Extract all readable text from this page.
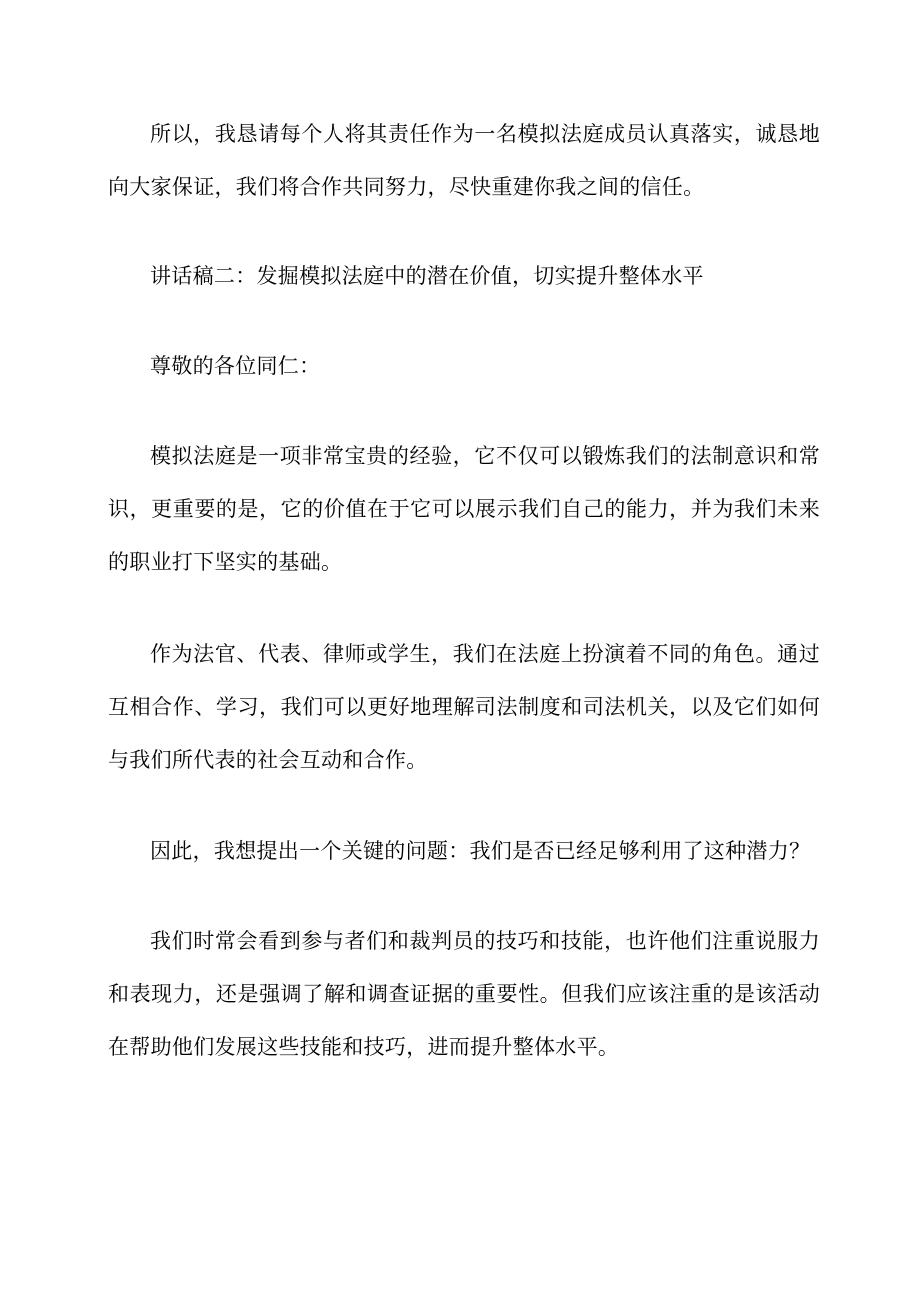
所以，我恳请每个人将其责任作为一名模拟法庭成员认真落实，诚恳地向大家保证，我们将合作共同努力，尽快重建你我之间的信任。

讲话稿二：发掘模拟法庭中的潜在价值，切实提升整体水平

尊敬的各位同仁：

模拟法庭是一项非常宝贵的经验，它不仅可以锻炼我们的法制意识和常识，更重要的是，它的价值在于它可以展示我们自己的能力，并为我们未来的职业打下坚实的基础。

作为法官、代表、律师或学生，我们在法庭上扮演着不同的角色。通过互相合作、学习，我们可以更好地理解司法制度和司法机关，以及它们如何与我们所代表的社会互动和合作。

因此，我想提出一个关键的问题：我们是否已经足够利用了这种潜力？

我们时常会看到参与者们和裁判员的技巧和技能，也许他们注重说服力和表现力，还是强调了解和调查证据的重要性。但我们应该注重的是该活动在帮助他们发展这些技能和技巧，进而提升整体水平。
